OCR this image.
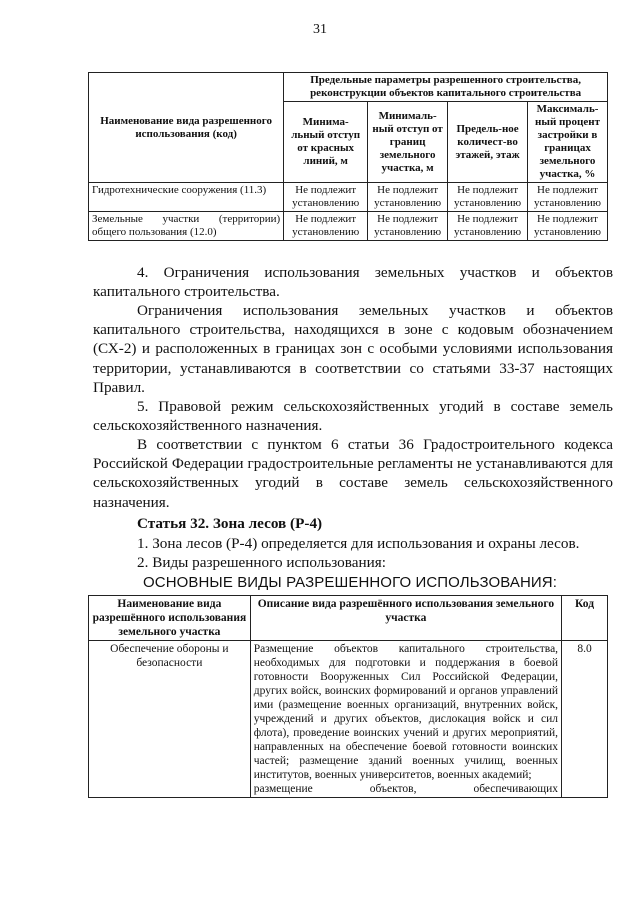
31
Наименование вида разрешенного использования (код)	Предельные параметры разрешенного строительства, реконструкции объектов капитального строительства			
	Минима-льный отступ от красных линий, м	Минималь-ный отступ от границ земельного участка, м	Предель-ное количест-во этажей, этаж	Максималь-ный процент застройки в границах земельного участка, %
Гидротехнические сооружения (11.3)	Не подлежит установлению	Не подлежит установлению	Не подлежит установлению	Не подлежит установлению
Земельные участки (территории) общего пользования (12.0)	Не подлежит установлению	Не подлежит установлению	Не подлежит установлению	Не подлежит установлению

4. Ограничения использования земельных участков и объектов капитального строительства.

Ограничения использования земельных участков и объектов капитального строительства, находящихся в зоне с кодовым обозначением (СХ-2) и расположенных в границах зон с особыми условиями использования территории, устанавливаются в соответствии со статьями 33-37 настоящих Правил.

5. Правовой режим сельскохозяйственных угодий в составе земель сельскохозяйственного назначения.

В соответствии с пунктом 6 статьи 36 Градостроительного кодекса Российской Федерации градостроительные регламенты не устанавливаются для сельскохозяйственных угодий в составе земель сельскохозяйственного назначения.

Статья 32. Зона лесов (Р-4)

1. Зона лесов (Р-4) определяется для использования и охраны лесов.

2. Виды разрешенного использования:

ОСНОВНЫЕ ВИДЫ РАЗРЕШЕННОГО ИСПОЛЬЗОВАНИЯ:

Наименование вида разрешённого использования земельного участка	Описание вида разрешённого использования земельного участка	Код
Обеспечение обороны и безопасности	Размещение объектов капитального строительства, необходимых для подготовки и поддержания в боевой готовности Вооруженных Сил Российской Федерации, других войск, воинских формирований и органов управлений ими (размещение военных организаций, внутренних войск, учреждений и других объектов, дислокация войск и сил флота), проведение воинских учений и других мероприятий, направленных на обеспечение боевой готовности воинских частей; размещение зданий военных училищ, военных институтов, военных университетов, военных академий;
размещение объектов, обеспечивающих	8.0
